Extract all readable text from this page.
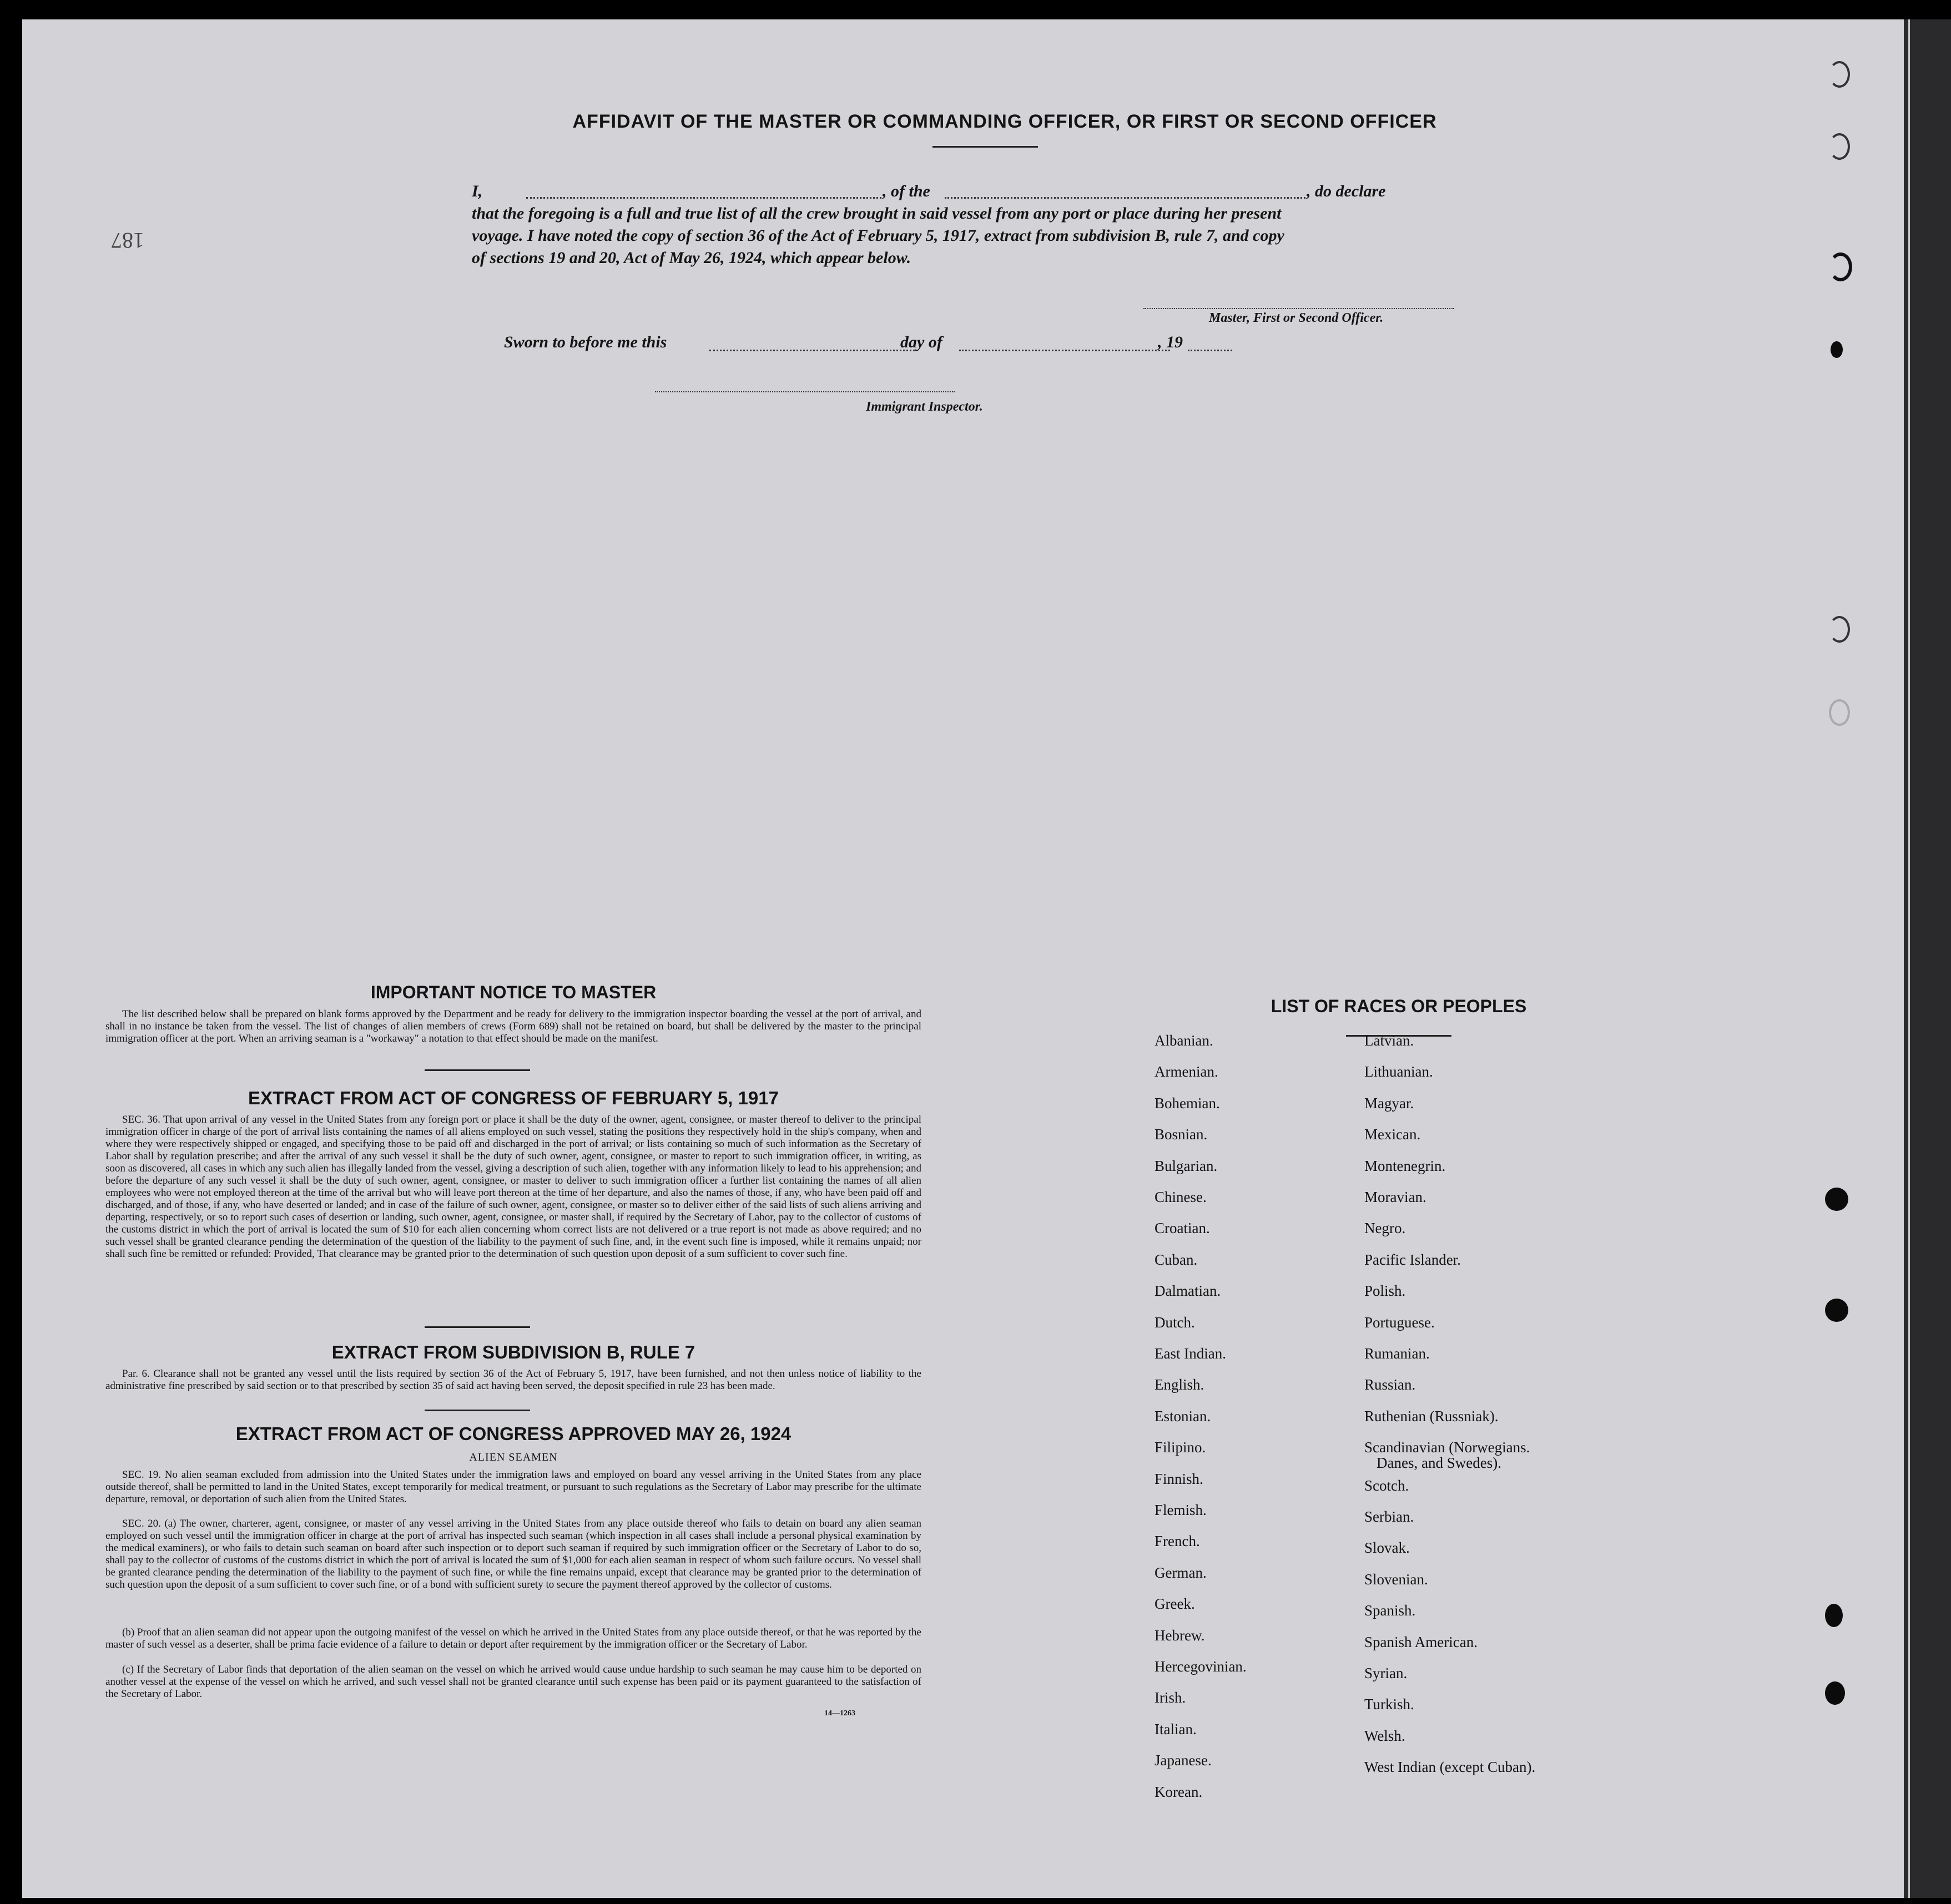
AFFIDAVIT OF THE MASTER OR COMMANDING OFFICER, OR FIRST OR SECOND OFFICER
I,	, of the	, do declare
that the foregoing is a full and true list of all the crew brought in said vessel from any port or place during her present
voyage. I have noted the copy of section 36 of the Act of February 5, 1917, extract from subdivision B, rule 7, and copy
of sections 19 and 20, Act of May 26, 1924, which appear below.
Master, First or Second Officer.
Sworn to before me this	day of	, 19
Immigrant Inspector.
187
IMPORTANT NOTICE TO MASTER
The list described below shall be prepared on blank forms approved by the Department and be ready for delivery to the immigration inspector boarding the vessel at the port of arrival, and shall in no instance be taken from the vessel. The list of changes of alien members of crews (Form 689) shall not be retained on board, but shall be delivered by the master to the principal immigration officer at the port. When an arriving seaman is a "workaway" a notation to that effect should be made on the manifest.
EXTRACT FROM ACT OF CONGRESS OF FEBRUARY 5, 1917
SEC. 36. That upon arrival of any vessel in the United States from any foreign port or place it shall be the duty of the owner, agent, consignee, or master thereof to deliver to the principal immigration officer in charge of the port of arrival lists containing the names of all aliens employed on such vessel, stating the positions they respectively hold in the ship's company, when and where they were respectively shipped or engaged, and specifying those to be paid off and discharged in the port of arrival; or lists containing so much of such information as the Secretary of Labor shall by regulation prescribe; and after the arrival of any such vessel it shall be the duty of such owner, agent, consignee, or master to report to such immigration officer, in writing, as soon as discovered, all cases in which any such alien has illegally landed from the vessel, giving a description of such alien, together with any information likely to lead to his apprehension; and before the departure of any such vessel it shall be the duty of such owner, agent, consignee, or master to deliver to such immigration officer a further list containing the names of all alien employees who were not employed thereon at the time of the arrival but who will leave port thereon at the time of her departure, and also the names of those, if any, who have been paid off and discharged, and of those, if any, who have deserted or landed; and in case of the failure of such owner, agent, consignee, or master so to deliver either of the said lists of such aliens arriving and departing, respectively, or so to report such cases of desertion or landing, such owner, agent, consignee, or master shall, if required by the Secretary of Labor, pay to the collector of customs of the customs district in which the port of arrival is located the sum of $10 for each alien concerning whom correct lists are not delivered or a true report is not made as above required; and no such vessel shall be granted clearance pending the determination of the question of the liability to the payment of such fine, and, in the event such fine is imposed, while it remains unpaid; nor shall such fine be remitted or refunded: Provided, That clearance may be granted prior to the determination of such question upon deposit of a sum sufficient to cover such fine.
EXTRACT FROM SUBDIVISION B, RULE 7
Par. 6. Clearance shall not be granted any vessel until the lists required by section 36 of the Act of February 5, 1917, have been furnished, and not then unless notice of liability to the administrative fine prescribed by said section or to that prescribed by section 35 of said act having been served, the deposit specified in rule 23 has been made.
EXTRACT FROM ACT OF CONGRESS APPROVED MAY 26, 1924
ALIEN SEAMEN
SEC. 19. No alien seaman excluded from admission into the United States under the immigration laws and employed on board any vessel arriving in the United States from any place outside thereof, shall be permitted to land in the United States, except temporarily for medical treatment, or pursuant to such regulations as the Secretary of Labor may prescribe for the ultimate departure, removal, or deportation of such alien from the United States.
SEC. 20. (a) The owner, charterer, agent, consignee, or master of any vessel arriving in the United States from any place outside thereof who fails to detain on board any alien seaman employed on such vessel until the immigration officer in charge at the port of arrival has inspected such seaman (which inspection in all cases shall include a personal physical examination by the medical examiners), or who fails to detain such seaman on board after such inspection or to deport such seaman if required by such immigration officer or the Secretary of Labor to do so, shall pay to the collector of customs of the customs district in which the port of arrival is located the sum of $1,000 for each alien seaman in respect of whom such failure occurs. No vessel shall be granted clearance pending the determination of the liability to the payment of such fine, or while the fine remains unpaid, except that clearance may be granted prior to the determination of such question upon the deposit of a sum sufficient to cover such fine, or of a bond with sufficient surety to secure the payment thereof approved by the collector of customs.
(b) Proof that an alien seaman did not appear upon the outgoing manifest of the vessel on which he arrived in the United States from any place outside thereof, or that he was reported by the master of such vessel as a deserter, shall be prima facie evidence of a failure to detain or deport after requirement by the immigration officer or the Secretary of Labor.
(c) If the Secretary of Labor finds that deportation of the alien seaman on the vessel on which he arrived would cause undue hardship to such seaman he may cause him to be deported on another vessel at the expense of the vessel on which he arrived, and such vessel shall not be granted clearance until such expense has been paid or its payment guaranteed to the satisfaction of the Secretary of Labor.
14—1263
LIST OF RACES OR PEOPLES
Albanian.
Armenian.
Bohemian.
Bosnian.
Bulgarian.
Chinese.
Croatian.
Cuban.
Dalmatian.
Dutch.
East Indian.
English.
Estonian.
Filipino.
Finnish.
Flemish.
French.
German.
Greek.
Hebrew.
Hercegovinian.
Irish.
Italian.
Japanese.
Korean.
Latvian.
Lithuanian.
Magyar.
Mexican.
Montenegrin.
Moravian.
Negro.
Pacific Islander.
Polish.
Portuguese.
Rumanian.
Russian.
Ruthenian (Russniak).
Scandinavian (Norwegians.
Danes, and Swedes).
Scotch.
Serbian.
Slovak.
Slovenian.
Spanish.
Spanish American.
Syrian.
Turkish.
Welsh.
West Indian (except Cuban).
